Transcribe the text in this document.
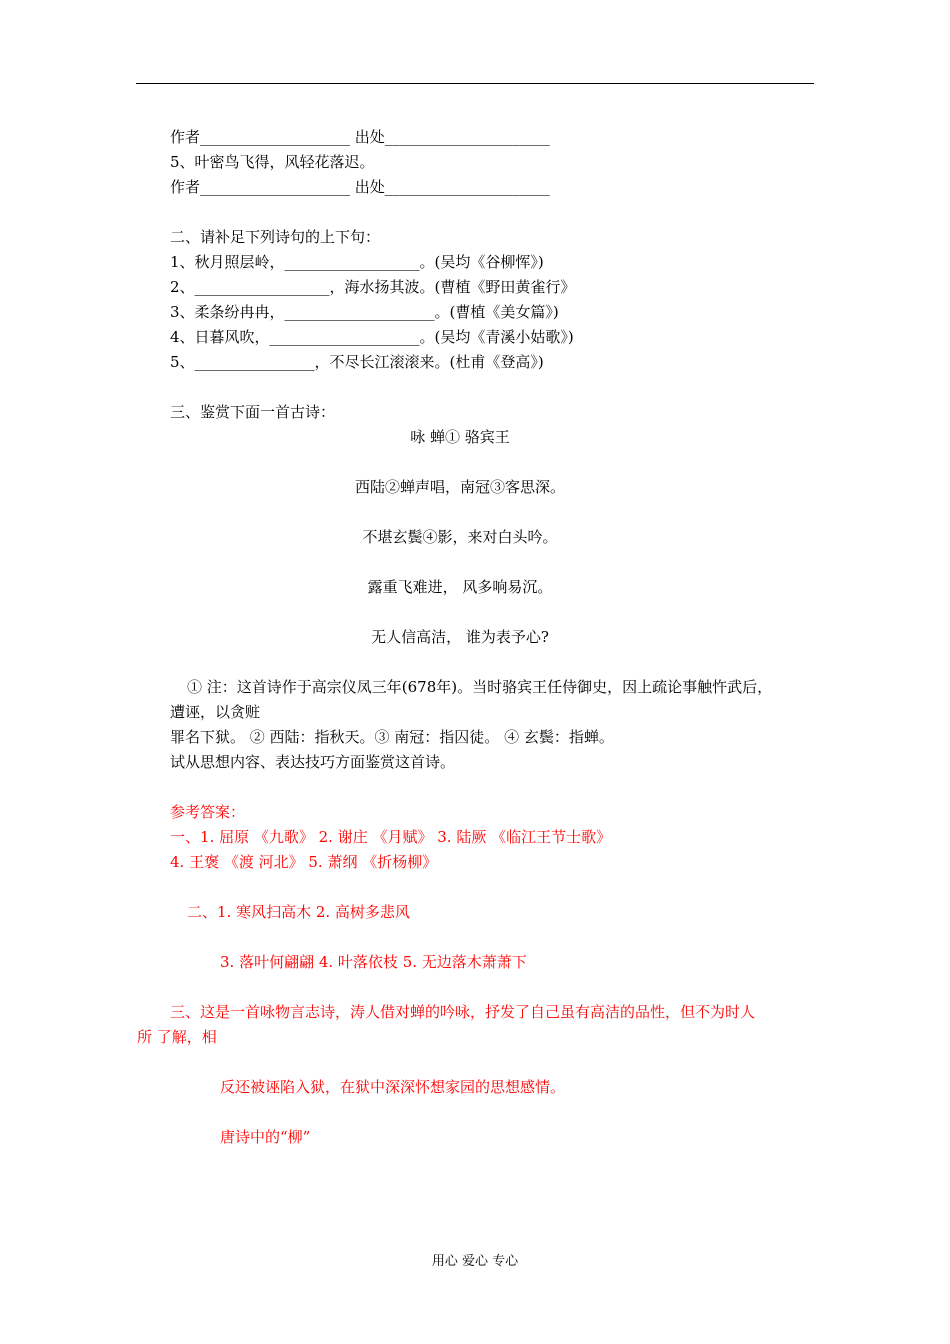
作者____________________ 出处______________________
5、叶密鸟飞得，风轻花落迟。
作者____________________ 出处______________________
二、请补足下列诗句的上下句：
1、秋月照层岭，__________________。(吴均《谷柳恽》)
2、__________________，海水扬其波。(曹植《野田黄雀行》
3、柔条纷冉冉，____________________。(曹植《美女篇》)
4、日暮风吹，____________________。(吴均《青溪小姑歌》)
5、________________，不尽长江滚滚来。(杜甫《登高》)
三、鉴赏下面一首古诗：
咏 蝉① 骆宾王
西陆②蝉声唱，南冠③客思深。
不堪玄鬓④影，来对白头吟。
露重飞难进， 风多响易沉。
无人信高洁， 谁为表予心?
① 注：这首诗作于高宗仪凤三年(678年)。当时骆宾王任侍御史，因上疏论事触忤武后，
遭诬，以贪赃
罪名下狱。 ② 西陆：指秋天。③ 南冠：指囚徒。 ④ 玄鬓：指蝉。
试从思想内容、表达技巧方面鉴赏这首诗。
参考答案：
一、1. 屈原 《九歌》 2. 谢庄 《月赋》 3. 陆厥 《临江王节士歌》
4. 王褒 《渡 河北》 5. 萧纲 《折杨柳》
二、1. 寒风扫高木 2. 高树多悲风
3. 落叶何翩翩 4. 叶落依枝 5. 无边落木萧萧下
三、这是一首咏物言志诗，涛人借对蝉的吟咏，抒发了自己虽有高洁的品性，但不为时人
所 了解，相
反还被诬陷入狱，在狱中深深怀想家园的思想感情。
唐诗中的“柳”
用心 爱心 专心
